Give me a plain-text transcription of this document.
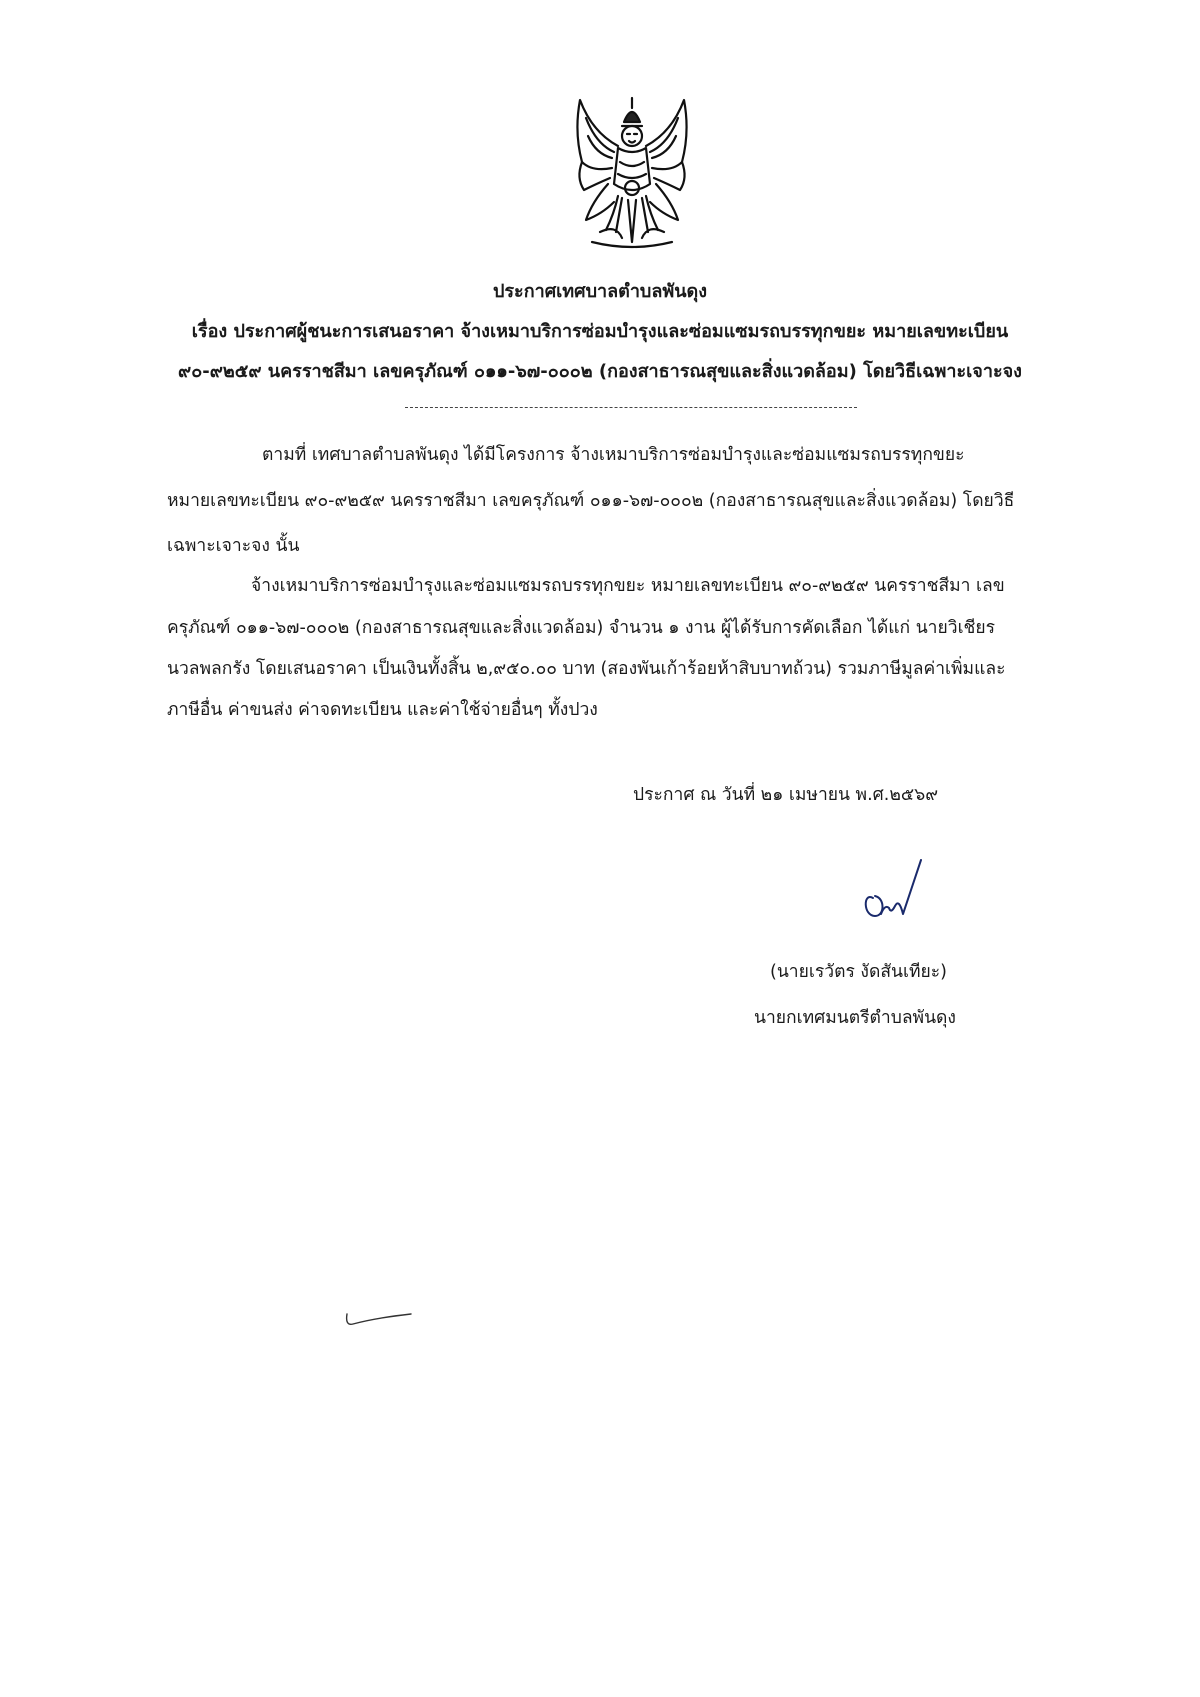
ประกาศเทศบาลตำบลพันดุง
เรื่อง ประกาศผู้ชนะการเสนอราคา จ้างเหมาบริการซ่อมบำรุงและซ่อมแซมรถบรรทุกขยะ หมายเลขทะเบียน
๙๐-๙๒๕๙ นครราชสีมา เลขครุภัณฑ์ ๐๑๑-๖๗-๐๐๐๒ (กองสาธารณสุขและสิ่งแวดล้อม) โดยวิธีเฉพาะเจาะจง
ตามที่ เทศบาลตำบลพันดุง ได้มีโครงการ จ้างเหมาบริการซ่อมบำรุงและซ่อมแซมรถบรรทุกขยะ
หมายเลขทะเบียน ๙๐-๙๒๕๙ นครราชสีมา เลขครุภัณฑ์ ๐๑๑-๖๗-๐๐๐๒ (กองสาธารณสุขและสิ่งแวดล้อม) โดยวิธี
เฉพาะเจาะจง นั้น
จ้างเหมาบริการซ่อมบำรุงและซ่อมแซมรถบรรทุกขยะ หมายเลขทะเบียน ๙๐-๙๒๕๙ นครราชสีมา เลข
ครุภัณฑ์ ๐๑๑-๖๗-๐๐๐๒ (กองสาธารณสุขและสิ่งแวดล้อม) จำนวน ๑ งาน ผู้ได้รับการคัดเลือก ได้แก่ นายวิเชียร
นวลพลกรัง โดยเสนอราคา เป็นเงินทั้งสิ้น ๒,๙๕๐.๐๐ บาท (สองพันเก้าร้อยห้าสิบบาทถ้วน) รวมภาษีมูลค่าเพิ่มและ
ภาษีอื่น ค่าขนส่ง ค่าจดทะเบียน และค่าใช้จ่ายอื่นๆ ทั้งปวง
ประกาศ ณ วันที่ ๒๑ เมษายน พ.ศ.๒๕๖๙
(นายเรวัตร งัดสันเทียะ)
นายกเทศมนตรีตำบลพันดุง
